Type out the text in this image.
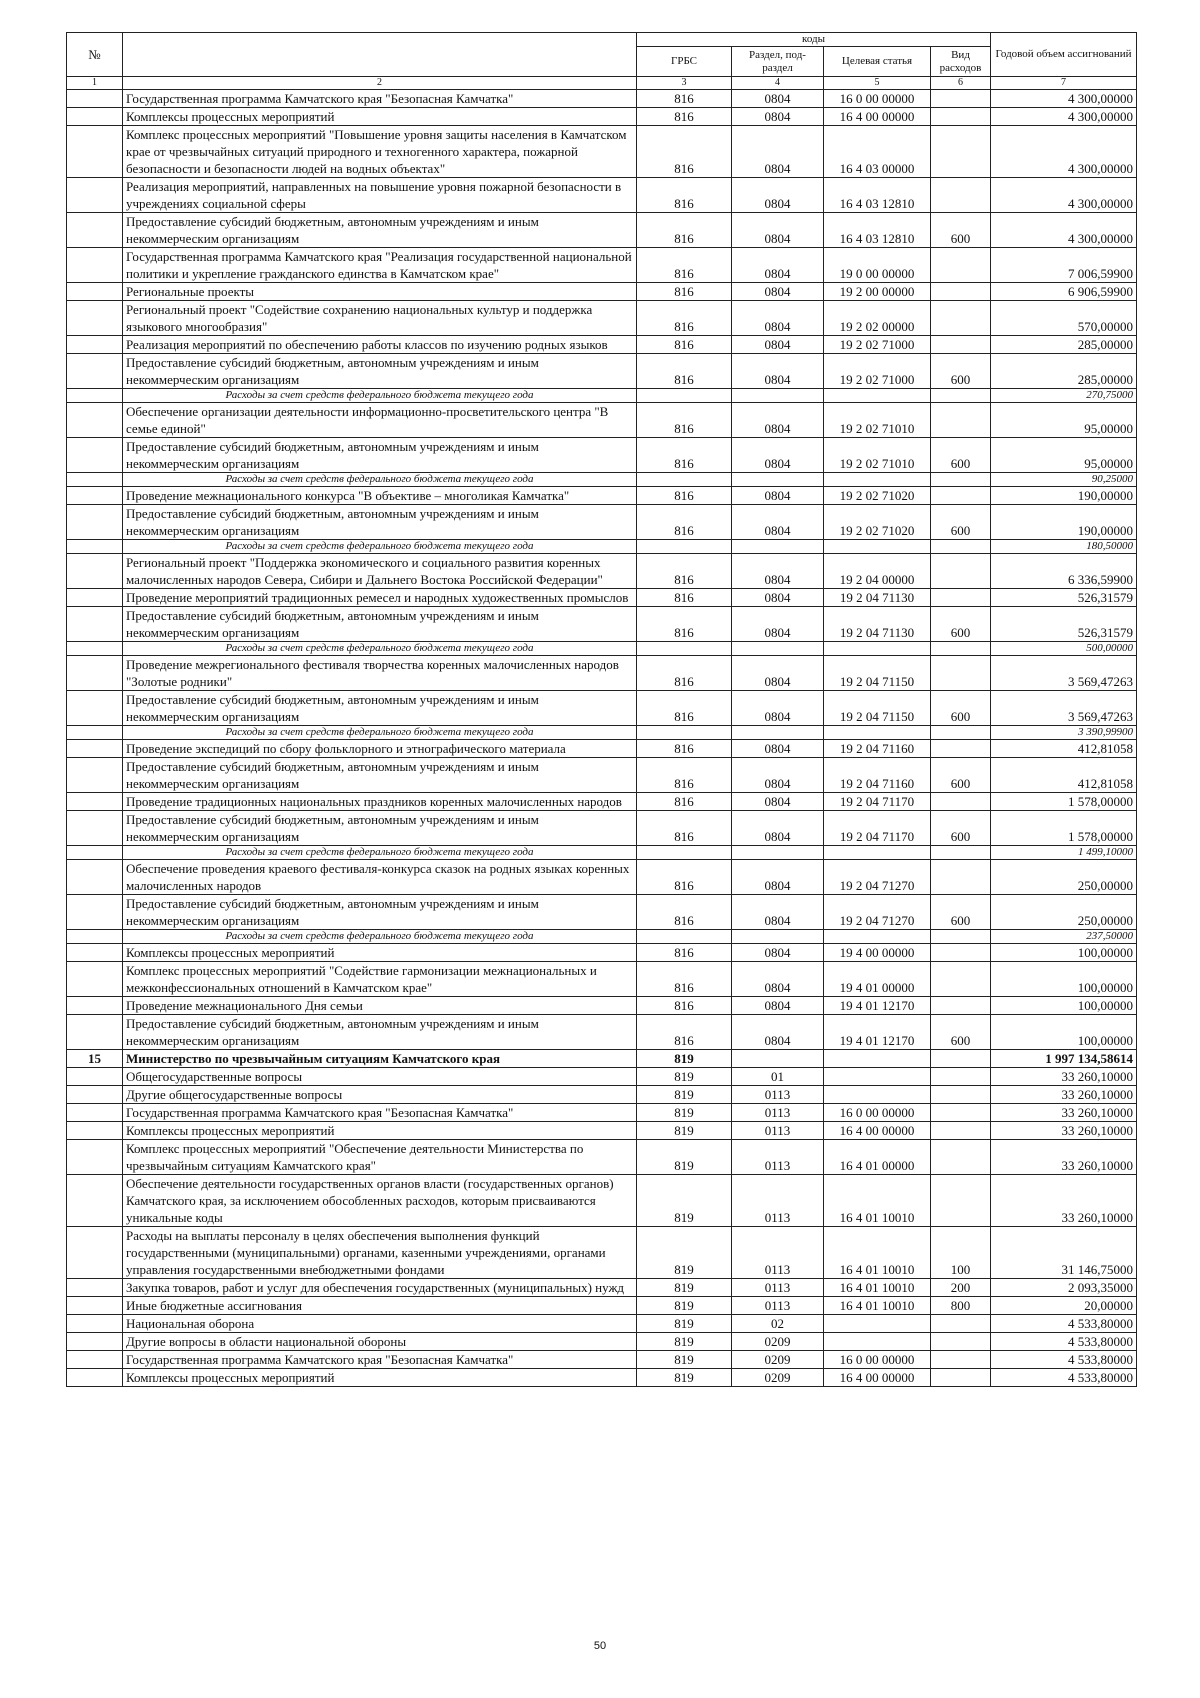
№		коды				Годовой объем ассигнований
		ГРБС	Раздел, под-раздел	Целевая статья	Вид расходов	
1	2	3	4	5	6	7
	Государственная программа Камчатского края "Безопасная Камчатка"	816	0804	16 0 00 00000		4 300,00000
	Комплексы процессных мероприятий	816	0804	16 4 00 00000		4 300,00000
	Комплекс процессных мероприятий "Повышение уровня защиты населения в Камчатском крае от чрезвычайных ситуаций природного и техногенного характера, пожарной безопасности и безопасности людей на водных объектах"	816	0804	16 4 03 00000		4 300,00000
	Реализация мероприятий, направленных на повышение уровня пожарной безопасности в учреждениях социальной сферы	816	0804	16 4 03 12810		4 300,00000
	Предоставление субсидий бюджетным, автономным учреждениям и иным некоммерческим организациям	816	0804	16 4 03 12810	600	4 300,00000
	Государственная программа Камчатского края "Реализация государственной национальной политики и укрепление гражданского единства в Камчатском крае"	816	0804	19 0 00 00000		7 006,59900
	Региональные проекты	816	0804	19 2 00 00000		6 906,59900
	Региональный проект "Содействие сохранению национальных культур и поддержка языкового многообразия"	816	0804	19 2 02 00000		570,00000
	Реализация мероприятий по обеспечению работы классов по изучению родных языков	816	0804	19 2 02 71000		285,00000
	Предоставление субсидий бюджетным, автономным учреждениям и иным некоммерческим организациям	816	0804	19 2 02 71000	600	285,00000
	Расходы за счет средств федерального бюджета текущего года					270,75000
	Обеспечение организации деятельности информационно-просветительского центра "В семье единой"	816	0804	19 2 02 71010		95,00000
	Предоставление субсидий бюджетным, автономным учреждениям и иным некоммерческим организациям	816	0804	19 2 02 71010	600	95,00000
	Расходы за счет средств федерального бюджета текущего года					90,25000
	Проведение межнационального конкурса "В объективе – многоликая Камчатка"	816	0804	19 2 02 71020		190,00000
	Предоставление субсидий бюджетным, автономным учреждениям и иным некоммерческим организациям	816	0804	19 2 02 71020	600	190,00000
	Расходы за счет средств федерального бюджета текущего года					180,50000
	Региональный проект "Поддержка экономического и социального развития коренных малочисленных народов Севера, Сибири и Дальнего Востока Российской Федерации"	816	0804	19 2 04 00000		6 336,59900
	Проведение мероприятий традиционных ремесел и народных художественных промыслов	816	0804	19 2 04 71130		526,31579
	Предоставление субсидий бюджетным, автономным учреждениям и иным некоммерческим организациям	816	0804	19 2 04 71130	600	526,31579
	Расходы за счет средств федерального бюджета текущего года					500,00000
	Проведение межрегионального фестиваля творчества коренных малочисленных народов "Золотые родники"	816	0804	19 2 04 71150		3 569,47263
	Предоставление субсидий бюджетным, автономным учреждениям и иным некоммерческим организациям	816	0804	19 2 04 71150	600	3 569,47263
	Расходы за счет средств федерального бюджета текущего года					3 390,99900
	Проведение экспедиций по сбору фольклорного и этнографического материала	816	0804	19 2 04 71160		412,81058
	Предоставление субсидий бюджетным, автономным учреждениям и иным некоммерческим организациям	816	0804	19 2 04 71160	600	412,81058
	Проведение традиционных национальных праздников коренных малочисленных народов	816	0804	19 2 04 71170		1 578,00000
	Предоставление субсидий бюджетным, автономным учреждениям и иным некоммерческим организациям	816	0804	19 2 04 71170	600	1 578,00000
	Расходы за счет средств федерального бюджета текущего года					1 499,10000
	Обеспечение проведения краевого фестиваля-конкурса сказок на родных языках коренных малочисленных народов	816	0804	19 2 04 71270		250,00000
	Предоставление субсидий бюджетным, автономным учреждениям и иным некоммерческим организациям	816	0804	19 2 04 71270	600	250,00000
	Расходы за счет средств федерального бюджета текущего года					237,50000
	Комплексы процессных мероприятий	816	0804	19 4 00 00000		100,00000
	Комплекс процессных мероприятий "Содействие гармонизации межнациональных и межконфессиональных отношений в Камчатском крае"	816	0804	19 4 01 00000		100,00000
	Проведение межнационального Дня семьи	816	0804	19 4 01 12170		100,00000
	Предоставление субсидий бюджетным, автономным учреждениям и иным некоммерческим организациям	816	0804	19 4 01 12170	600	100,00000
15	Министерство по чрезвычайным ситуациям Камчатского края	819				1 997 134,58614
	Общегосударственные вопросы	819	01			33 260,10000
	Другие общегосударственные вопросы	819	0113			33 260,10000
	Государственная программа Камчатского края "Безопасная Камчатка"	819	0113	16 0 00 00000		33 260,10000
	Комплексы процессных мероприятий	819	0113	16 4 00 00000		33 260,10000
	Комплекс процессных мероприятий "Обеспечение деятельности Министерства по чрезвычайным ситуациям Камчатского края"	819	0113	16 4 01 00000		33 260,10000
	Обеспечение деятельности государственных органов власти (государственных органов) Камчатского края, за исключением обособленных расходов, которым присваиваются уникальные коды	819	0113	16 4 01 10010		33 260,10000
	Расходы на выплаты персоналу в целях обеспечения выполнения функций государственными (муниципальными) органами, казенными учреждениями, органами управления государственными внебюджетными фондами	819	0113	16 4 01 10010	100	31 146,75000
	Закупка товаров, работ и услуг для обеспечения государственных (муниципальных) нужд	819	0113	16 4 01 10010	200	2 093,35000
	Иные бюджетные ассигнования	819	0113	16 4 01 10010	800	20,00000
	Национальная оборона	819	02			4 533,80000
	Другие вопросы в области национальной обороны	819	0209			4 533,80000
	Государственная программа Камчатского края "Безопасная Камчатка"	819	0209	16 0 00 00000		4 533,80000
	Комплексы процессных мероприятий	819	0209	16 4 00 00000		4 533,80000
50
